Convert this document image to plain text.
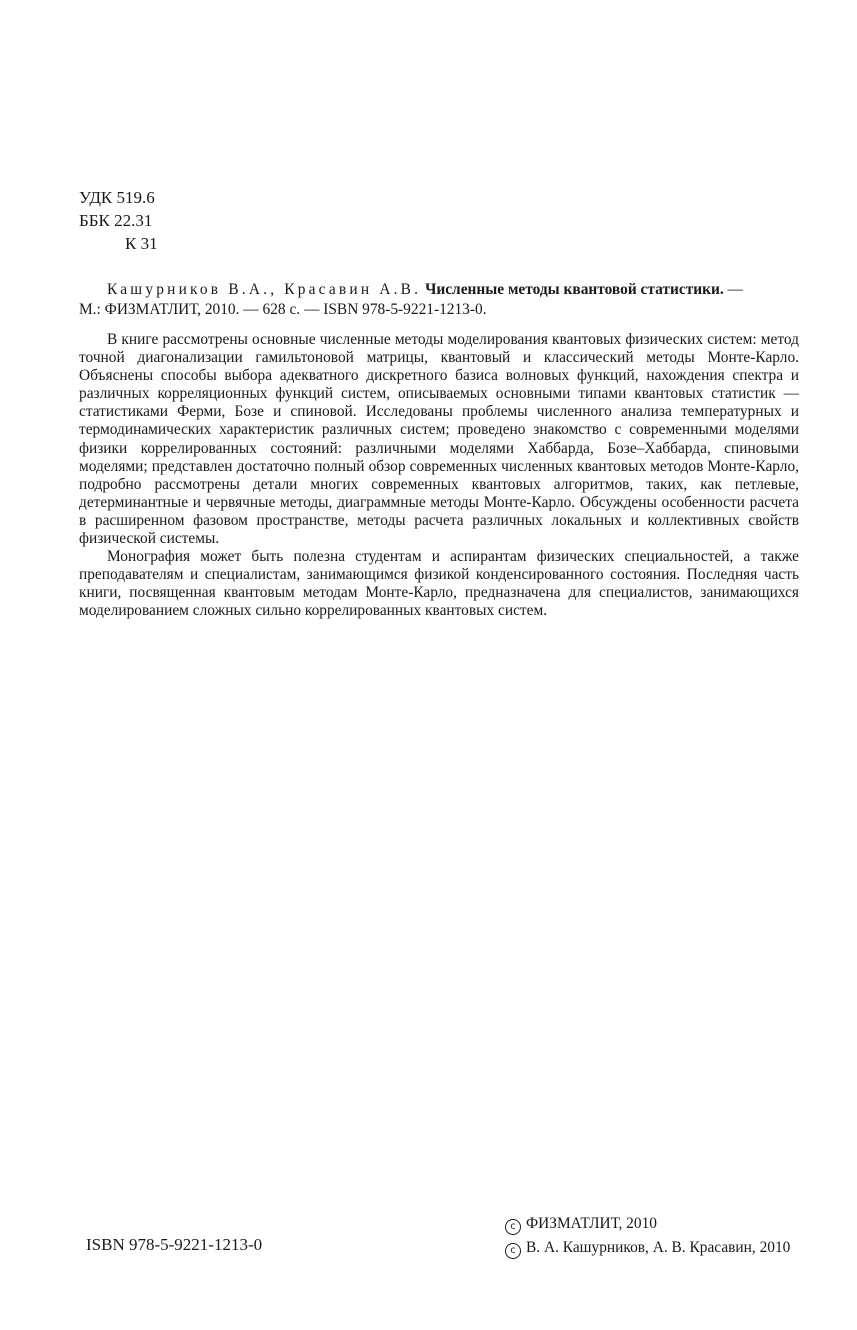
УДК 519.6
ББК 22.31
К 31

Кашурников В.А., Красавин А.В. Численные методы квантовой статистики. —
М.: ФИЗМАТЛИТ, 2010. — 628 с. — ISBN 978-5-9221-1213-0.

В книге рассмотрены основные численные методы моделирования квантовых физических систем: метод точной диагонализации гамильтоновой матрицы, квантовый и классический методы Монте-Карло. Объяснены способы выбора адекватного дискретного базиса волновых функций, нахождения спектра и различных корреляционных функций систем, описываемых основными типами квантовых статистик — статистиками Ферми, Бозе и спиновой. Исследованы проблемы численного анализа температурных и термодинамических характеристик различных систем; проведено знакомство с современными моделями физики коррелированных состояний: различными моделями Хаббарда, Бозе–Хаббарда, спиновыми моделями; представлен достаточно полный обзор современных численных квантовых методов Монте-Карло, подробно рассмотрены детали многих современных квантовых алгоритмов, таких, как петлевые, детерминантные и червячные методы, диаграммные методы Монте-Карло. Обсуждены особенности расчета в расширенном фазовом пространстве, методы расчета различных локальных и коллективных свойств физической системы.

Монография может быть полезна студентам и аспирантам физических специальностей, а также преподавателям и специалистам, занимающимся физикой конденсированного состояния. Последняя часть книги, посвященная квантовым методам Монте-Карло, предназначена для специалистов, занимающихся моделированием сложных сильно коррелированных квантовых систем.

ISBN 978-5-9221-1213-0
c ФИЗМАТЛИТ, 2010
c В. А. Кашурников, А. В. Красавин, 2010
